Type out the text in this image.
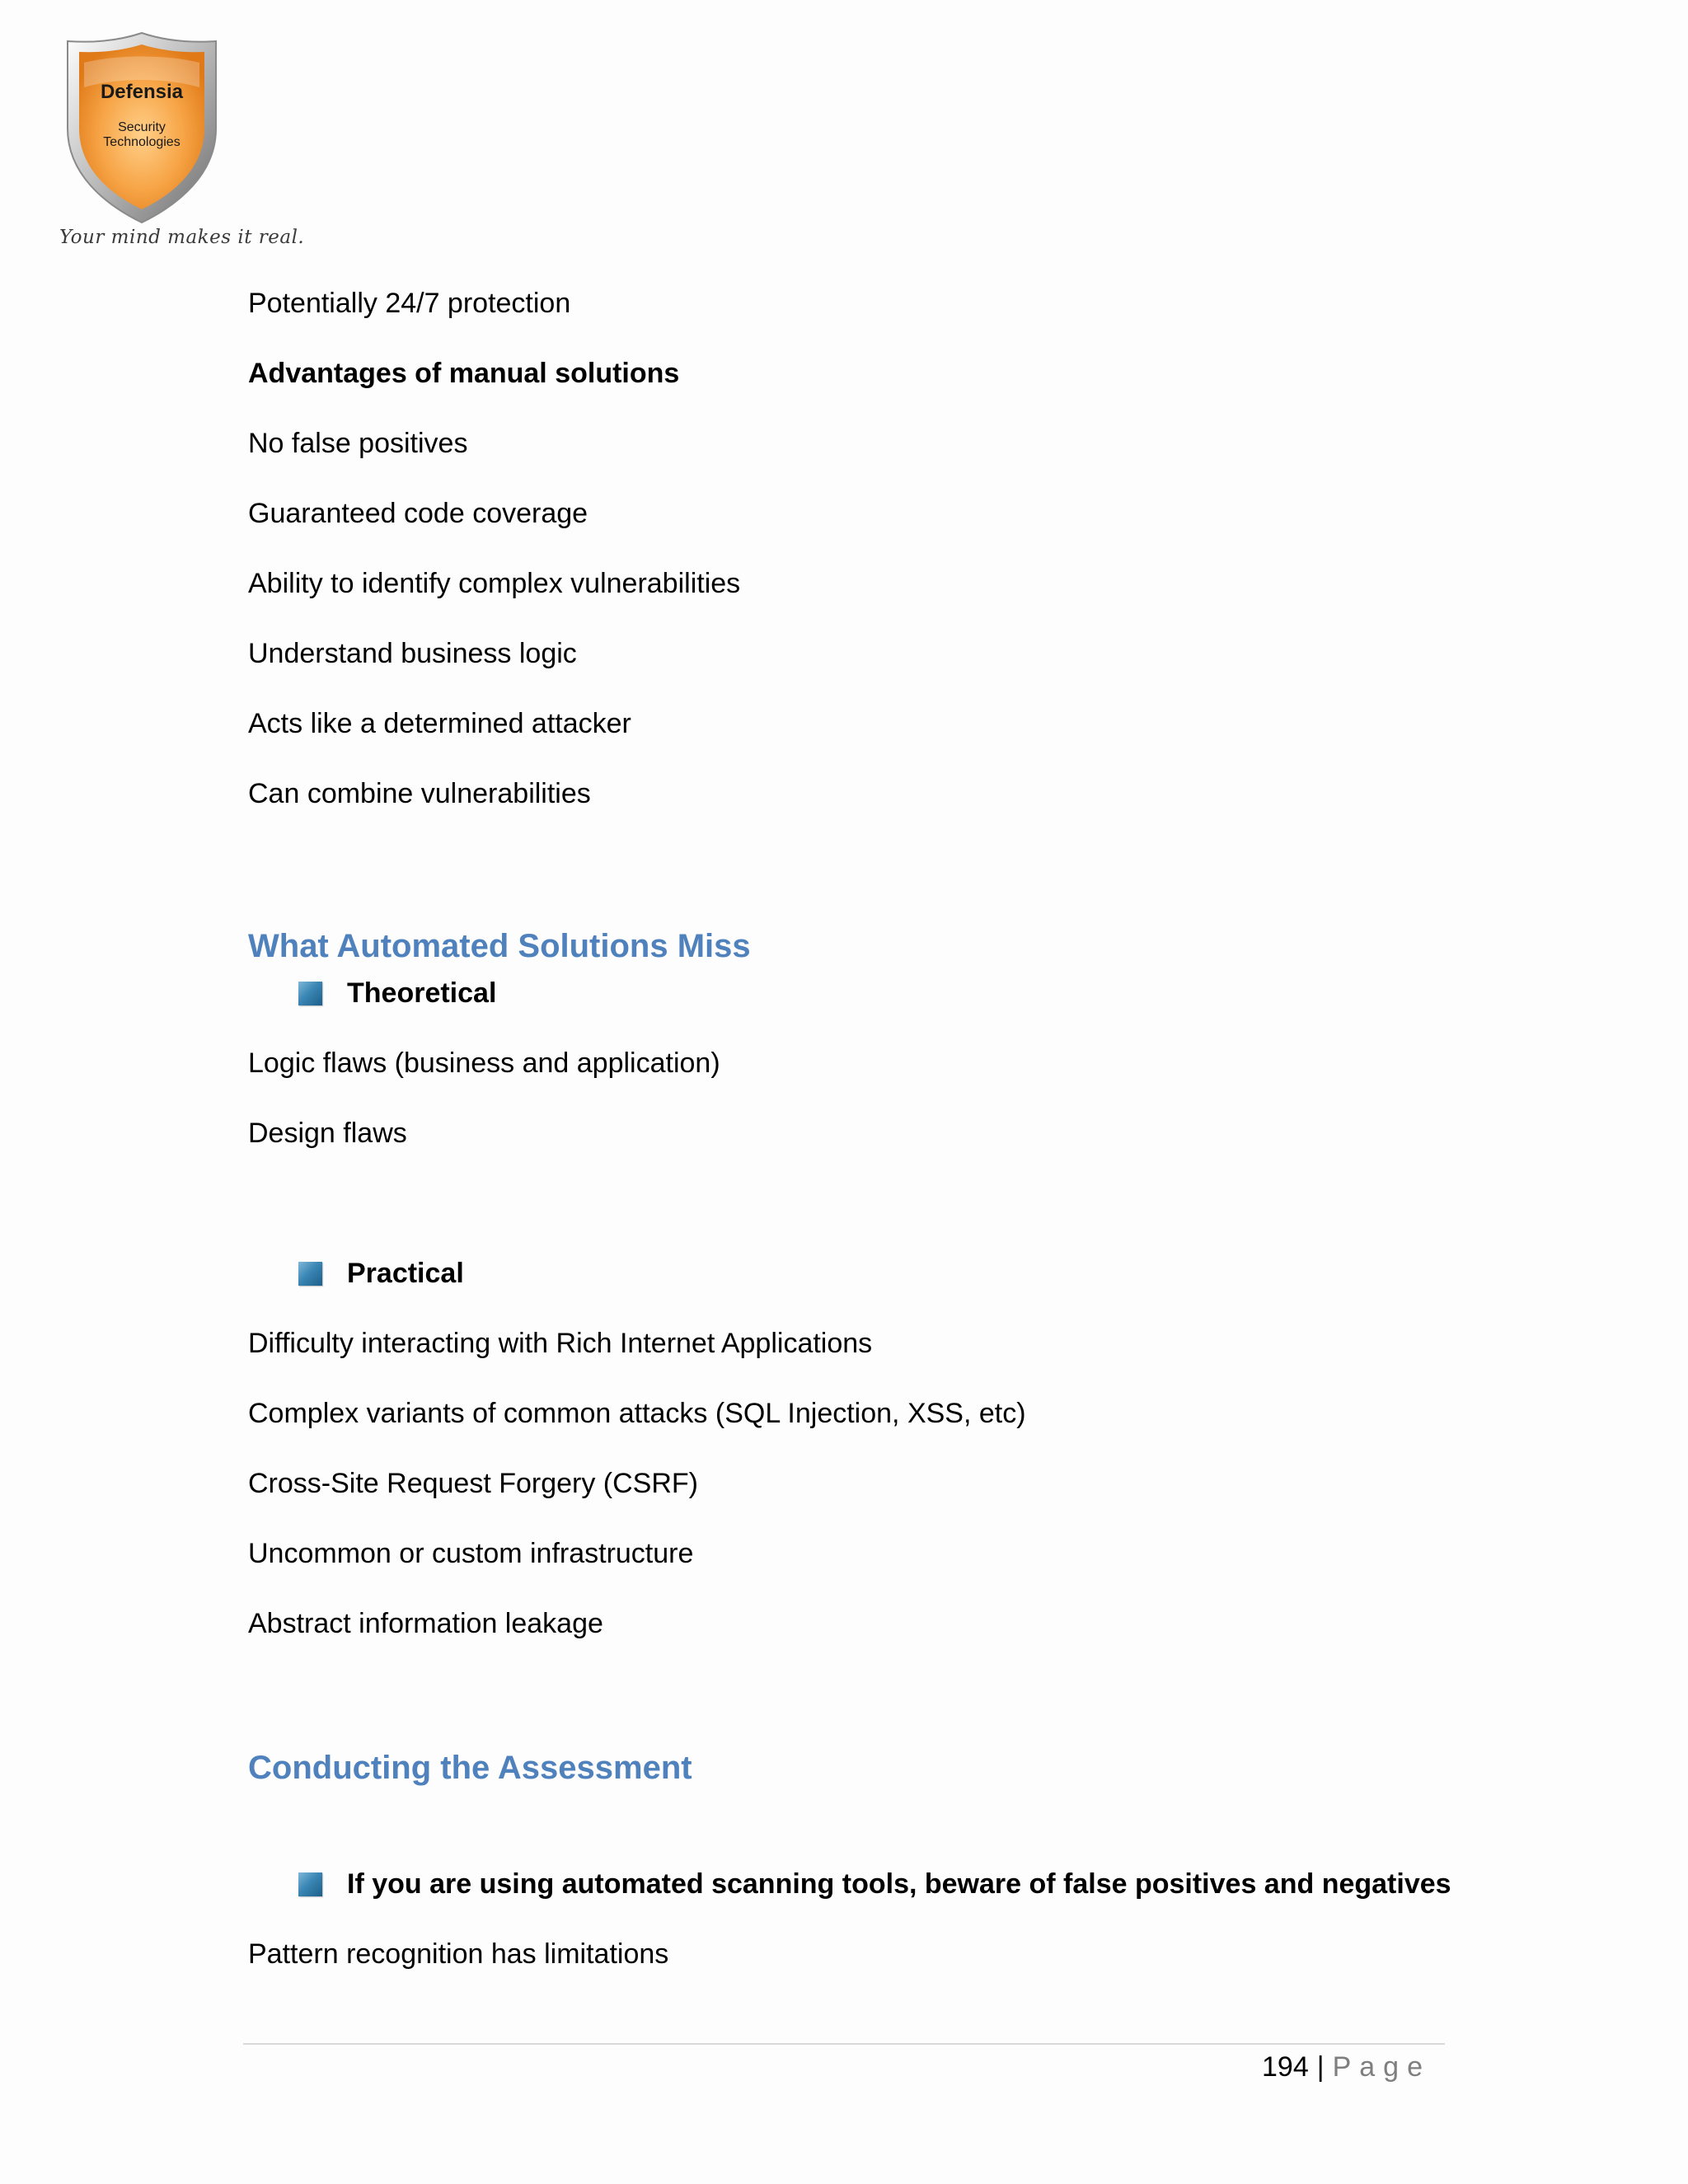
Defensia
Security
Technologies
Your mind makes it real.
Potentially 24/7 protection
Advantages of manual solutions
No false positives
Guaranteed code coverage
Ability to identify complex vulnerabilities
Understand business logic
Acts like a determined attacker
Can combine vulnerabilities
What Automated Solutions Miss
Theoretical
Logic flaws (business and application)
Design flaws
Practical
Difficulty interacting with Rich Internet Applications
Complex variants of common attacks (SQL Injection, XSS, etc)
Cross-Site Request Forgery (CSRF)
Uncommon or custom infrastructure
Abstract information leakage
Conducting the Assessment
If you are using automated scanning tools, beware of false positives and negatives
Pattern recognition has limitations
194 | Page
